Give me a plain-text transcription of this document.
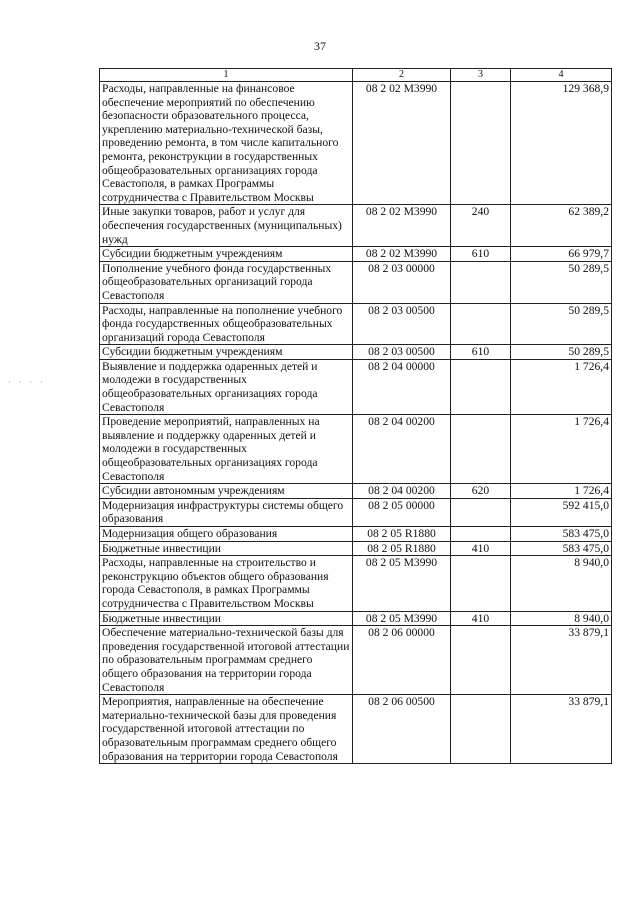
37
· · · ·
1	2	3	4
Расходы, направленные на финансовое обеспечение мероприятий по обеспечению безопасности образовательного процесса, укреплению материально-технической базы, проведению ремонта, в том числе капитального ремонта, реконструкции в государственных общеобразовательных организациях города Севастополя, в рамках Программы сотрудничества с Правительством Москвы	08 2 02 М3990		129 368,9
Иные закупки товаров, работ и услуг для обеспечения государственных (муниципальных) нужд	08 2 02 М3990	240	62 389,2
Субсидии бюджетным учреждениям	08 2 02 М3990	610	66 979,7
Пополнение учебного фонда государственных общеобразовательных организаций города Севастополя	08 2 03 00000		50 289,5
Расходы, направленные на пополнение учебного фонда государственных общеобразовательных организаций города Севастополя	08 2 03 00500		50 289,5
Субсидии бюджетным учреждениям	08 2 03 00500	610	50 289,5
Выявление и поддержка одаренных детей и молодежи в государственных общеобразовательных организациях города Севастополя	08 2 04 00000		1 726,4
Проведение мероприятий, направленных на выявление и поддержку одаренных детей и молодежи в государственных общеобразовательных организациях города Севастополя	08 2 04 00200		1 726,4
Субсидии автономным учреждениям	08 2 04 00200	620	1 726,4
Модернизация инфраструктуры системы общего образования	08 2 05 00000		592 415,0
Модернизация общего образования	08 2 05 R1880		583 475,0
Бюджетные инвестиции	08 2 05 R1880	410	583 475,0
Расходы, направленные на строительство и реконструкцию объектов общего образования города Севастополя, в рамках Программы сотрудничества с Правительством Москвы	08 2 05 М3990		8 940,0
Бюджетные инвестиции	08 2 05 М3990	410	8 940,0
Обеспечение материально-технической базы для проведения государственной итоговой аттестации по образовательным программам среднего общего образования на территории города Севастополя	08 2 06 00000		33 879,1
Мероприятия, направленные на обеспечение материально-технической базы для проведения государственной итоговой аттестации по образовательным программам среднего общего образования на территории города Севастополя	08 2 06 00500		33 879,1
